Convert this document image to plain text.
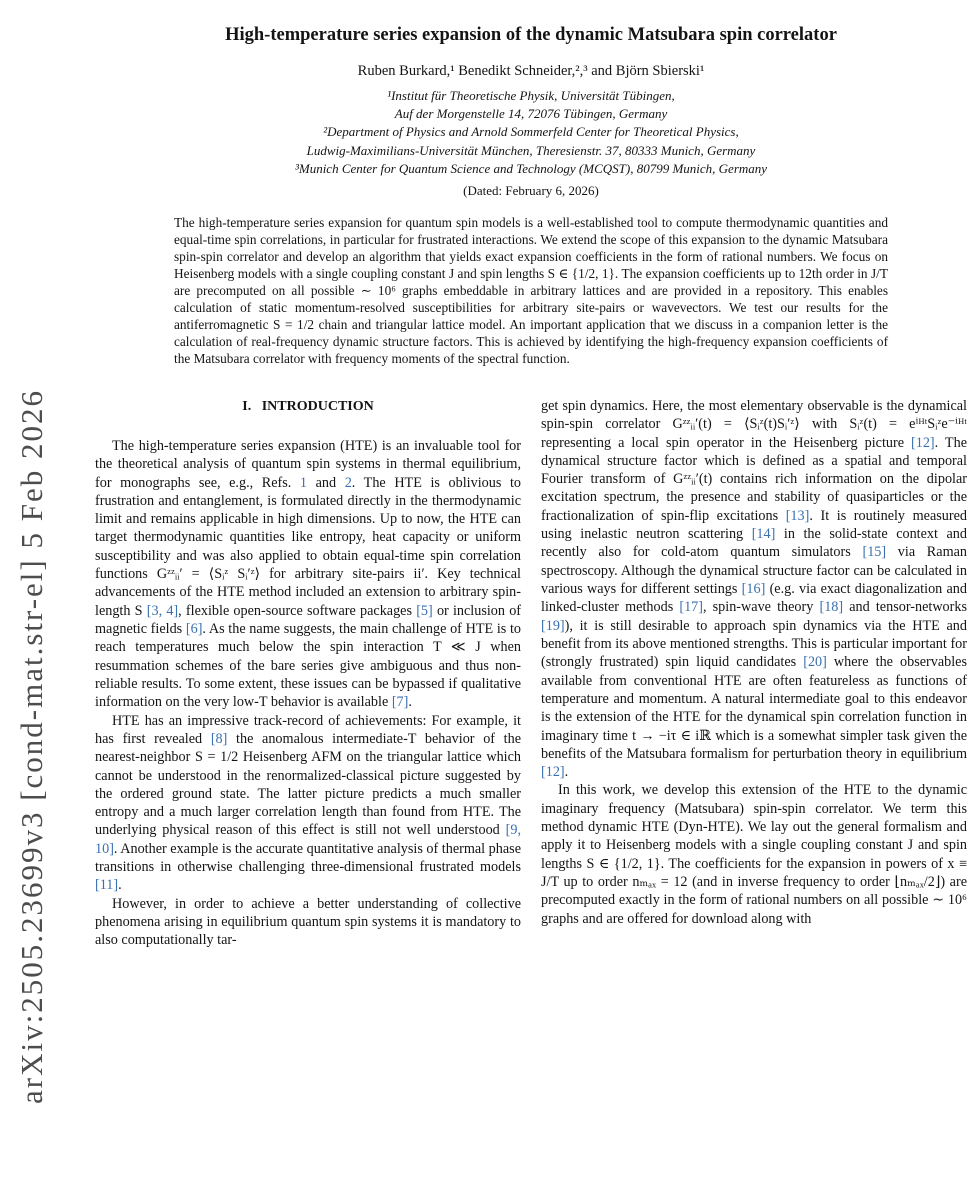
arXiv:2505.23699v3 [cond-mat.str-el] 5 Feb 2026
High-temperature series expansion of the dynamic Matsubara spin correlator
Ruben Burkard,¹ Benedikt Schneider,²,³ and Björn Sbierski¹
¹Institut für Theoretische Physik, Universität Tübingen,
Auf der Morgenstelle 14, 72076 Tübingen, Germany
²Department of Physics and Arnold Sommerfeld Center for Theoretical Physics,
Ludwig-Maximilians-Universität München, Theresienstr. 37, 80333 Munich, Germany
³Munich Center for Quantum Science and Technology (MCQST), 80799 Munich, Germany
(Dated: February 6, 2026)
The high-temperature series expansion for quantum spin models is a well-established tool to compute thermodynamic quantities and equal-time spin correlations, in particular for frustrated interactions. We extend the scope of this expansion to the dynamic Matsubara spin-spin correlator and develop an algorithm that yields exact expansion coefficients in the form of rational numbers. We focus on Heisenberg models with a single coupling constant J and spin lengths S ∈ {1/2, 1}. The expansion coefficients up to 12th order in J/T are precomputed on all possible ∼ 10⁶ graphs embeddable in arbitrary lattices and are provided in a repository. This enables calculation of static momentum-resolved susceptibilities for arbitrary site-pairs or wavevectors. We test our results for the antiferromagnetic S = 1/2 chain and triangular lattice model. An important application that we discuss in a companion letter is the calculation of real-frequency dynamic structure factors. This is achieved by identifying the high-frequency expansion coefficients of the Matsubara correlator with frequency moments of the spectral function.
I.   INTRODUCTION

The high-temperature series expansion (HTE) is an invaluable tool for the theoretical analysis of quantum spin systems in thermal equilibrium, for monographs see, e.g., Refs. 1 and 2. The HTE is oblivious to frustration and entanglement, is formulated directly in the thermodynamic limit and remains applicable in high dimensions. Up to now, the HTE can target thermodynamic quantities like entropy, heat capacity or uniform susceptibility and was also applied to obtain equal-time spin correlation functions Gᶻᶻᵢᵢ′ = ⟨Sᵢᶻ Sᵢ′ᶻ⟩ for arbitrary site-pairs ii′. Key technical advancements of the HTE method included an extension to arbitrary spin-length S [3, 4], flexible open-source software packages [5] or inclusion of magnetic fields [6]. As the name suggests, the main challenge of HTE is to reach temperatures much below the spin interaction T ≪ J when resummation schemes of the bare series give ambiguous and thus non-reliable results. To some extent, these issues can be bypassed if qualitative information on the very low-T behavior is available [7].

HTE has an impressive track-record of achievements: For example, it has first revealed [8] the anomalous intermediate-T behavior of the nearest-neighbor S = 1/2 Heisenberg AFM on the triangular lattice which cannot be understood in the renormalized-classical picture suggested by the ordered ground state. The latter picture predicts a much smaller entropy and a much larger correlation length than found from HTE. The underlying physical reason of this effect is still not well understood [9, 10]. Another example is the accurate quantitative analysis of thermal phase transitions in otherwise challenging three-dimensional frustrated models [11].

However, in order to achieve a better understanding of collective phenomena arising in equilibrium quantum spin systems it is mandatory to also computationally tar-

get spin dynamics. Here, the most elementary observable is the dynamical spin-spin correlator Gᶻᶻᵢᵢ′(t) = ⟨Sᵢᶻ(t)Sᵢ′ᶻ⟩ with Sᵢᶻ(t) = eⁱᴴᵗSᵢᶻe⁻ⁱᴴᵗ representing a local spin operator in the Heisenberg picture [12]. The dynamical structure factor which is defined as a spatial and temporal Fourier transform of Gᶻᶻᵢᵢ′(t) contains rich information on the dipolar excitation spectrum, the presence and stability of quasiparticles or the fractionalization of spin-flip excitations [13]. It is routinely measured using inelastic neutron scattering [14] in the solid-state context and recently also for cold-atom quantum simulators [15] via Raman spectroscopy. Although the dynamical structure factor can be calculated in various ways for different settings [16] (e.g. via exact diagonalization and linked-cluster methods [17], spin-wave theory [18] and tensor-networks [19]), it is still desirable to approach spin dynamics via the HTE and benefit from its above mentioned strengths. This is particular important for (strongly frustrated) spin liquid candidates [20] where the observables available from conventional HTE are often featureless as functions of temperature and momentum. A natural intermediate goal to this endeavor is the extension of the HTE for the dynamical spin correlation function in imaginary time t → −iτ ∈ iℝ which is a somewhat simpler task given the benefits of the Matsubara formalism for perturbation theory in equilibrium [12].

In this work, we develop this extension of the HTE to the dynamic imaginary frequency (Matsubara) spin-spin correlator. We term this method dynamic HTE (Dyn-HTE). We lay out the general formalism and apply it to Heisenberg models with a single coupling constant J and spin lengths S ∈ {1/2, 1}. The coefficients for the expansion in powers of x ≡ J/T up to order nₘₐₓ = 12 (and in inverse frequency to order ⌊nₘₐₓ/2⌋) are precomputed exactly in the form of rational numbers on all possible ∼ 10⁶ graphs and are offered for download along with
